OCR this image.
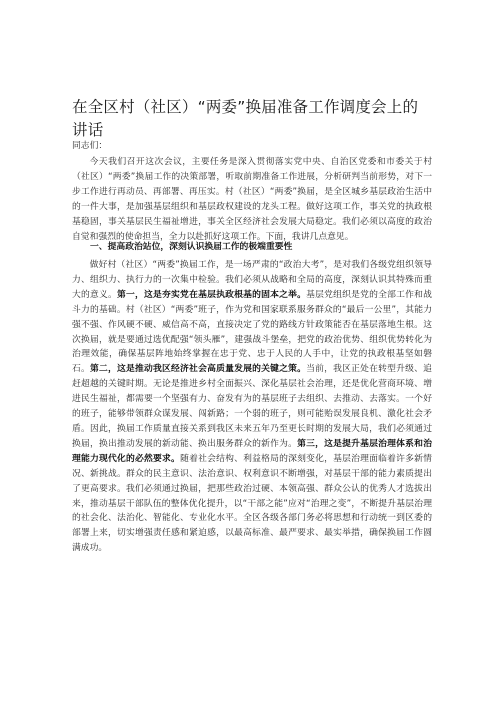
在全区村（社区）“两委”换届准备工作调度会上的讲话
同志们：

今天我们召开这次会议，主要任务是深入贯彻落实党中央、自治区党委和市委关于村（社区）“两委”换届工作的决策部署，听取前期准备工作进展，分析研判当前形势，对下一步工作进行再动员、再部署、再压实。村（社区）“两委”换届，是全区城乡基层政治生活中的一件大事，是加强基层组织和基层政权建设的龙头工程。做好这项工作，事关党的执政根基稳固，事关基层民生福祉增进，事关全区经济社会发展大局稳定。我们必须以高度的政治自觉和强烈的使命担当，全力以赴抓好这项工作。下面，我讲几点意见。

一、提高政治站位，深刻认识换届工作的极端重要性

做好村（社区）“两委”换届工作，是一场严肃的“政治大考”，是对我们各级党组织领导力、组织力、执行力的一次集中检验。我们必须从战略和全局的高度，深刻认识其特殊而重大的意义。第一，这是夯实党在基层执政根基的固本之举。基层党组织是党的全部工作和战斗力的基础。村（社区）“两委”班子，作为党和国家联系服务群众的“最后一公里”，其能力强不强、作风硬不硬、威信高不高，直接决定了党的路线方针政策能否在基层落地生根。这次换届，就是要通过选优配强“领头雁”，建强战斗堡垒，把党的政治优势、组织优势转化为治理效能，确保基层阵地始终掌握在忠于党、忠于人民的人手中，让党的执政根基坚如磐石。第二，这是推动我区经济社会高质量发展的关键之策。当前，我区正处在转型升级、追赶超越的关键时期。无论是推进乡村全面振兴、深化基层社会治理，还是优化营商环境、增进民生福祉，都需要一个坚强有力、奋发有为的基层班子去组织、去推动、去落实。一个好的班子，能够带领群众谋发展、闯新路；一个弱的班子，则可能贻误发展良机、激化社会矛盾。因此，换届工作质量直接关系到我区未来五年乃至更长时期的发展大局，我们必须通过换届，换出推动发展的新动能、换出服务群众的新作为。第三，这是提升基层治理体系和治理能力现代化的必然要求。随着社会结构、利益格局的深刻变化，基层治理面临着许多新情况、新挑战。群众的民主意识、法治意识、权利意识不断增强，对基层干部的能力素质提出了更高要求。我们必须通过换届，把那些政治过硬、本领高强、群众公认的优秀人才选拔出来，推动基层干部队伍的整体优化提升，以“干部之能”应对“治理之变”，不断提升基层治理的社会化、法治化、智能化、专业化水平。全区各级各部门务必将思想和行动统一到区委的部署上来，切实增强责任感和紧迫感，以最高标准、最严要求、最实举措，确保换届工作圆满成功。
